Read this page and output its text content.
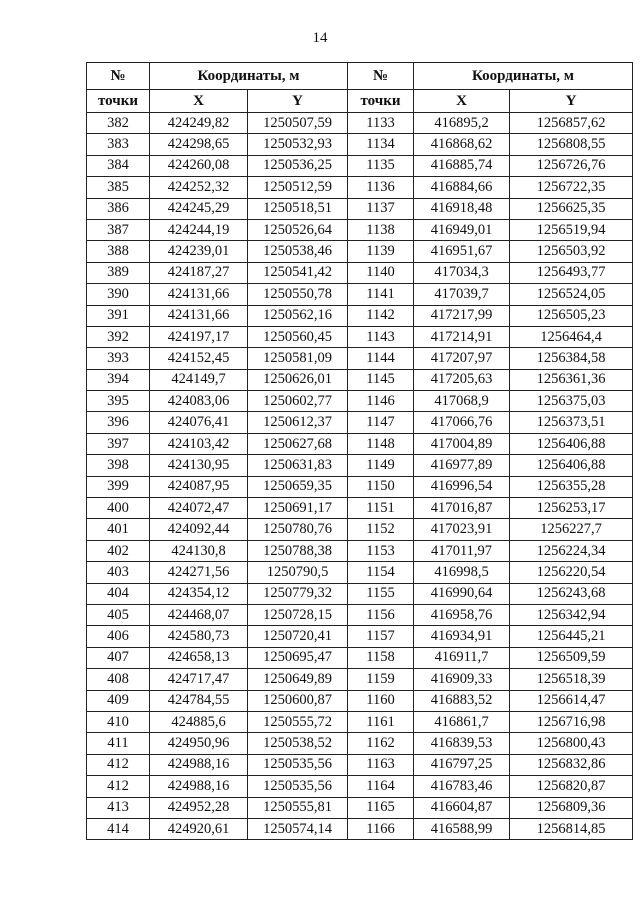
14
№	Координаты, м		№	Координаты, м	
точки	X	Y	точки	X	Y
382	424249,82	1250507,59	1133	416895,2	1256857,62
383	424298,65	1250532,93	1134	416868,62	1256808,55
384	424260,08	1250536,25	1135	416885,74	1256726,76
385	424252,32	1250512,59	1136	416884,66	1256722,35
386	424245,29	1250518,51	1137	416918,48	1256625,35
387	424244,19	1250526,64	1138	416949,01	1256519,94
388	424239,01	1250538,46	1139	416951,67	1256503,92
389	424187,27	1250541,42	1140	417034,3	1256493,77
390	424131,66	1250550,78	1141	417039,7	1256524,05
391	424131,66	1250562,16	1142	417217,99	1256505,23
392	424197,17	1250560,45	1143	417214,91	1256464,4
393	424152,45	1250581,09	1144	417207,97	1256384,58
394	424149,7	1250626,01	1145	417205,63	1256361,36
395	424083,06	1250602,77	1146	417068,9	1256375,03
396	424076,41	1250612,37	1147	417066,76	1256373,51
397	424103,42	1250627,68	1148	417004,89	1256406,88
398	424130,95	1250631,83	1149	416977,89	1256406,88
399	424087,95	1250659,35	1150	416996,54	1256355,28
400	424072,47	1250691,17	1151	417016,87	1256253,17
401	424092,44	1250780,76	1152	417023,91	1256227,7
402	424130,8	1250788,38	1153	417011,97	1256224,34
403	424271,56	1250790,5	1154	416998,5	1256220,54
404	424354,12	1250779,32	1155	416990,64	1256243,68
405	424468,07	1250728,15	1156	416958,76	1256342,94
406	424580,73	1250720,41	1157	416934,91	1256445,21
407	424658,13	1250695,47	1158	416911,7	1256509,59
408	424717,47	1250649,89	1159	416909,33	1256518,39
409	424784,55	1250600,87	1160	416883,52	1256614,47
410	424885,6	1250555,72	1161	416861,7	1256716,98
411	424950,96	1250538,52	1162	416839,53	1256800,43
412	424988,16	1250535,56	1163	416797,25	1256832,86
412	424988,16	1250535,56	1164	416783,46	1256820,87
413	424952,28	1250555,81	1165	416604,87	1256809,36
414	424920,61	1250574,14	1166	416588,99	1256814,85
